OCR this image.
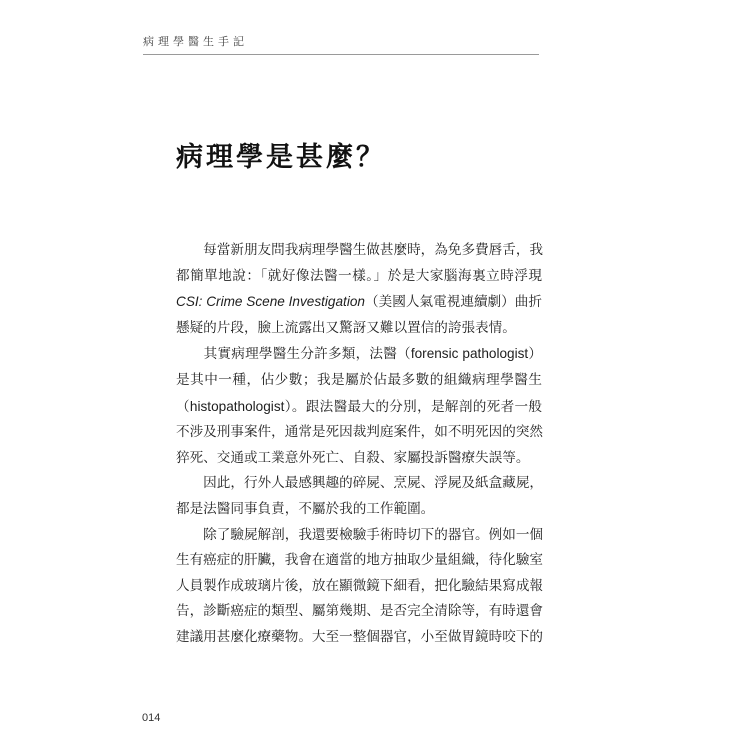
病理學醫生手記
病理學是甚麼？

　　每當新朋友問我病理學醫生做甚麼時，為免多費唇舌，我
都簡單地說：「就好像法醫一樣。」於是大家腦海裏立時浮現
CSI: Crime Scene Investigation（美國人氣電視連續劇）曲折
懸疑的片段，臉上流露出又驚訝又難以置信的誇張表情。

　　其實病理學醫生分許多類，法醫（forensic pathologist）
是其中一種，佔少數；我是屬於佔最多數的組織病理學醫生
（histopathologist）。跟法醫最大的分別，是解剖的死者一般
不涉及刑事案件，通常是死因裁判庭案件，如不明死因的突然
猝死、交通或工業意外死亡、自殺、家屬投訴醫療失誤等。

　　因此，行外人最感興趣的碎屍、烹屍、浮屍及紙盒藏屍，
都是法醫同事負責，不屬於我的工作範圍。

　　除了驗屍解剖，我還要檢驗手術時切下的器官。例如一個
生有癌症的肝臟，我會在適當的地方抽取少量組織，待化驗室
人員製作成玻璃片後，放在顯微鏡下細看，把化驗結果寫成報
告，診斷癌症的類型、屬第幾期、是否完全清除等，有時還會
建議用甚麼化療藥物。大至一整個器官，小至做胃鏡時咬下的

014
